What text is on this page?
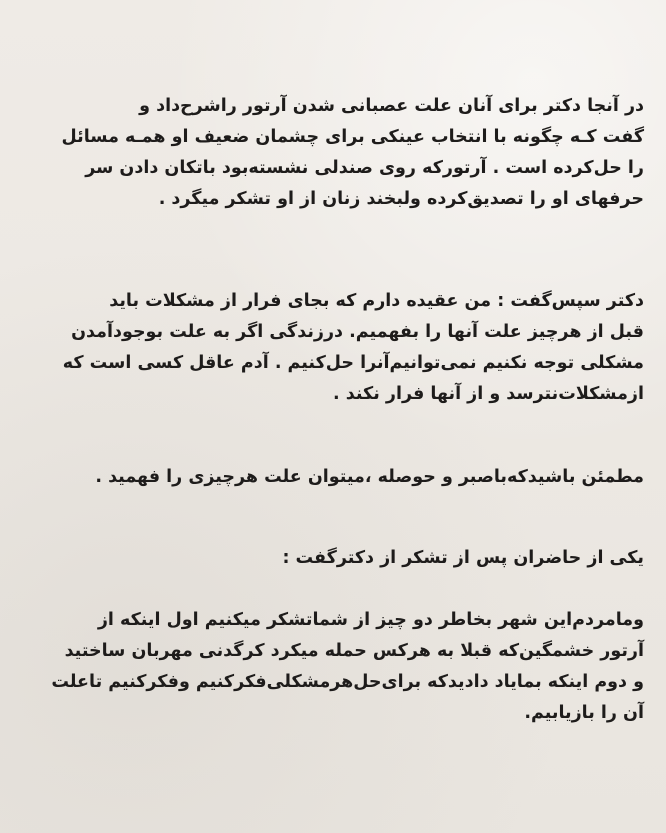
در آنجا دکتر برای آنان علت عصبانی شدن آرتور راشرح‌داد و
گفت کـه چگونه با انتخاب عینکی برای چشمان ضعیف او همـه مسائل
را حل‌کرده است . آرتورکه روی صندلی نشسته‌بود باتکان دادن سر
حرفهای او را تصدیق‌کرده ولبخند زنان از او تشکر میگرد .
دکتر سپس‌گفت : من عقیده دارم که بجای فرار از مشکلات باید
قبل از هرچیز علت آنها را بفهمیم. درزندگی اگر به علت بوجودآمدن
مشکلی توجه نکنیم نمی‌توانیم‌آنرا حل‌کنیم . آدم عاقل کسی است که
ازمشکلات‌نترسد و از آنها فرار نکند .
مطمئن باشیدکه‌باصبر و حوصله ،میتوان علت هرچیزی را فهمید .
یکی از حاضران پس از تشکر از دکترگفت :
ومامردم‌این شهر بخاطر دو چیز از شماتشکر میکنیم اول اینکه از
آرتور خشمگین‌که قبلا به هرکس حمله میکرد کرگدنی مهربان ساختید
و دوم اینکه بمایاد دادیدکه برای‌حل‌هرمشکلی‌فکرکنیم وفکرکنیم تاعلت
آن را بازیابیم.
